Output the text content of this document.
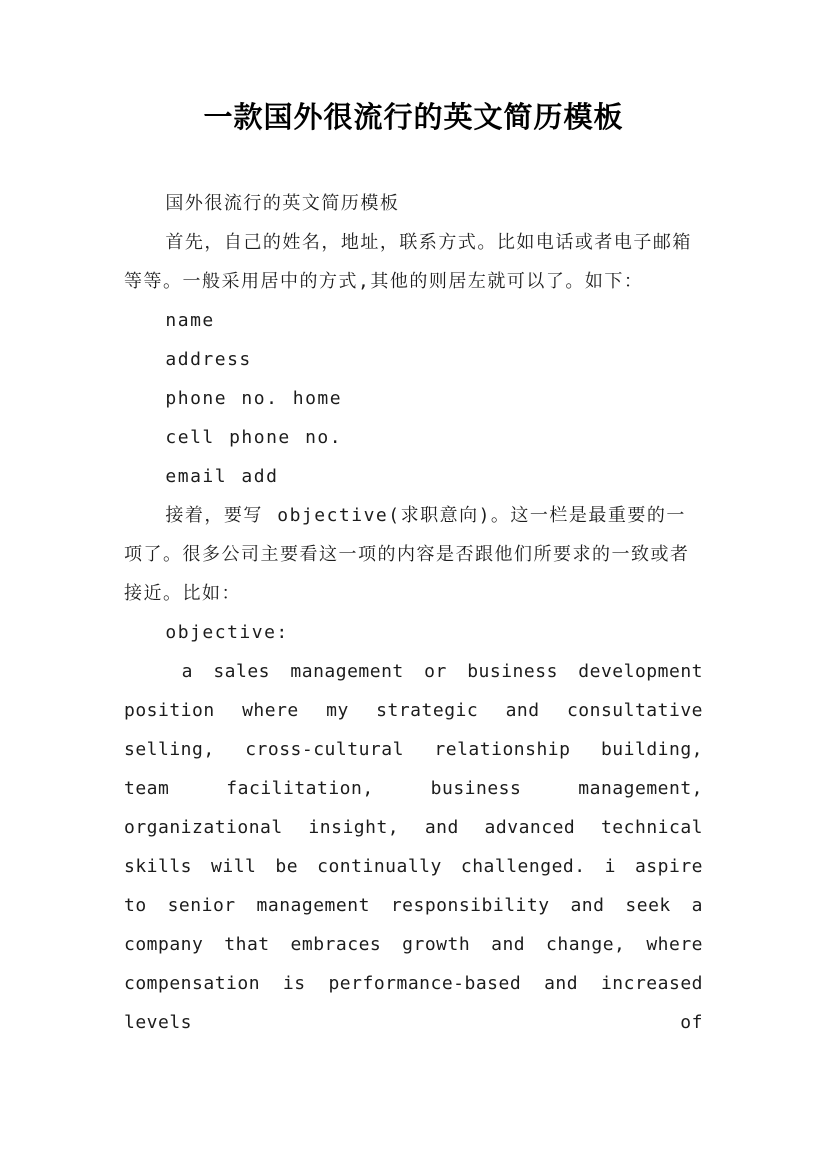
一款国外很流行的英文简历模板

国外很流行的英文简历模板

首先，自己的姓名，地址，联系方式。比如电话或者电子邮箱等等。一般采用居中的方式,其他的则居左就可以了。如下：

name

address

phone no. home

cell phone no.

email add

接着，要写 objective(求职意向)。这一栏是最重要的一项了。很多公司主要看这一项的内容是否跟他们所要求的一致或者接近。比如：

objective:

a sales management or business development position where my strategic and consultative selling, cross-cultural relationship building, team facilitation, business management, organizational insight, and advanced technical skills will be continually challenged. i aspire to senior management responsibility and seek a company that embraces growth and change, where compensation is performance-based and increased levels of
